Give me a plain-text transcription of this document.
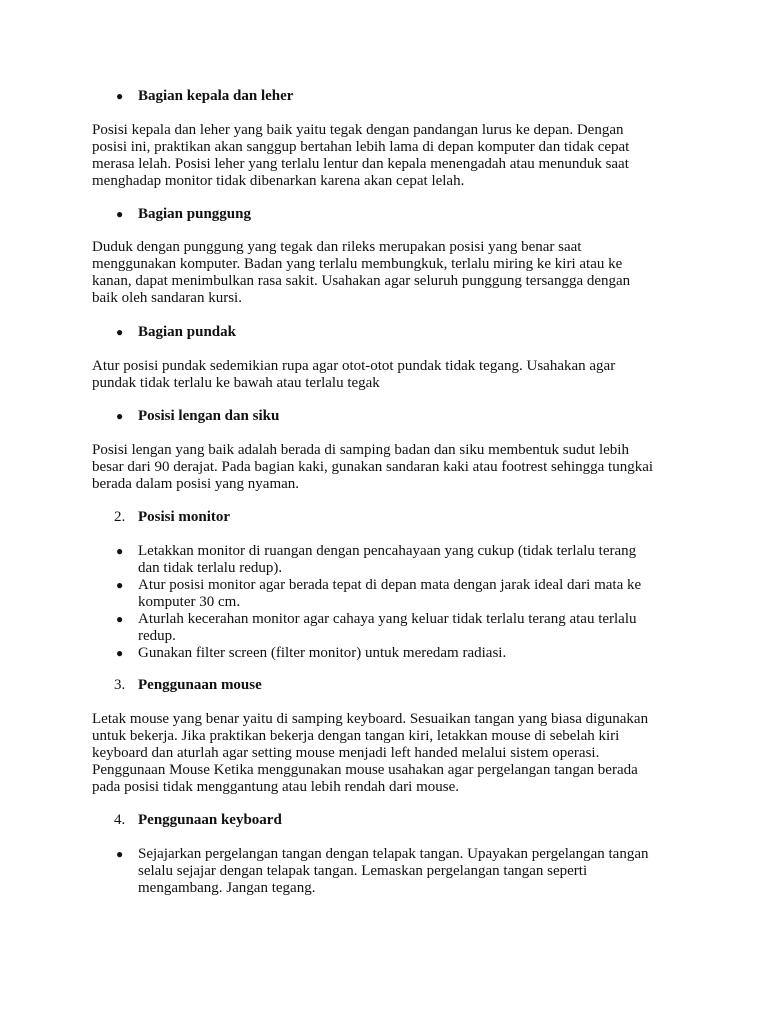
● Bagian kepala dan leher
Posisi kepala dan leher yang baik yaitu tegak dengan pandangan lurus ke depan. Dengan
posisi ini, praktikan akan sanggup bertahan lebih lama di depan komputer dan tidak cepat
merasa lelah. Posisi leher yang terlalu lentur dan kepala menengadah atau menunduk saat
menghadap monitor tidak dibenarkan karena akan cepat lelah.
● Bagian punggung
Duduk dengan punggung yang tegak dan rileks merupakan posisi yang benar saat
menggunakan komputer. Badan yang terlalu membungkuk, terlalu miring ke kiri atau ke
kanan, dapat menimbulkan rasa sakit. Usahakan agar seluruh punggung tersangga dengan
baik oleh sandaran kursi.
● Bagian pundak
Atur posisi pundak sedemikian rupa agar otot-otot pundak tidak tegang. Usahakan agar
pundak tidak terlalu ke bawah atau terlalu tegak
● Posisi lengan dan siku
Posisi lengan yang baik adalah berada di samping badan dan siku membentuk sudut lebih
besar dari 90 derajat. Pada bagian kaki, gunakan sandaran kaki atau footrest sehingga tungkai
berada dalam posisi yang nyaman.
2. Posisi monitor
● Letakkan monitor di ruangan dengan pencahayaan yang cukup (tidak terlalu terang
dan tidak terlalu redup).
● Atur posisi monitor agar berada tepat di depan mata dengan jarak ideal dari mata ke
komputer 30 cm.
● Aturlah kecerahan monitor agar cahaya yang keluar tidak terlalu terang atau terlalu
redup.
● Gunakan filter screen (filter monitor) untuk meredam radiasi.
3. Penggunaan mouse
Letak mouse yang benar yaitu di samping keyboard. Sesuaikan tangan yang biasa digunakan
untuk bekerja. Jika praktikan bekerja dengan tangan kiri, letakkan mouse di sebelah kiri
keyboard dan aturlah agar setting mouse menjadi left handed melalui sistem operasi.
Penggunaan Mouse Ketika menggunakan mouse usahakan agar pergelangan tangan berada
pada posisi tidak menggantung atau lebih rendah dari mouse.
4. Penggunaan keyboard
● Sejajarkan pergelangan tangan dengan telapak tangan. Upayakan pergelangan tangan
selalu sejajar dengan telapak tangan. Lemaskan pergelangan tangan seperti
mengambang. Jangan tegang.
